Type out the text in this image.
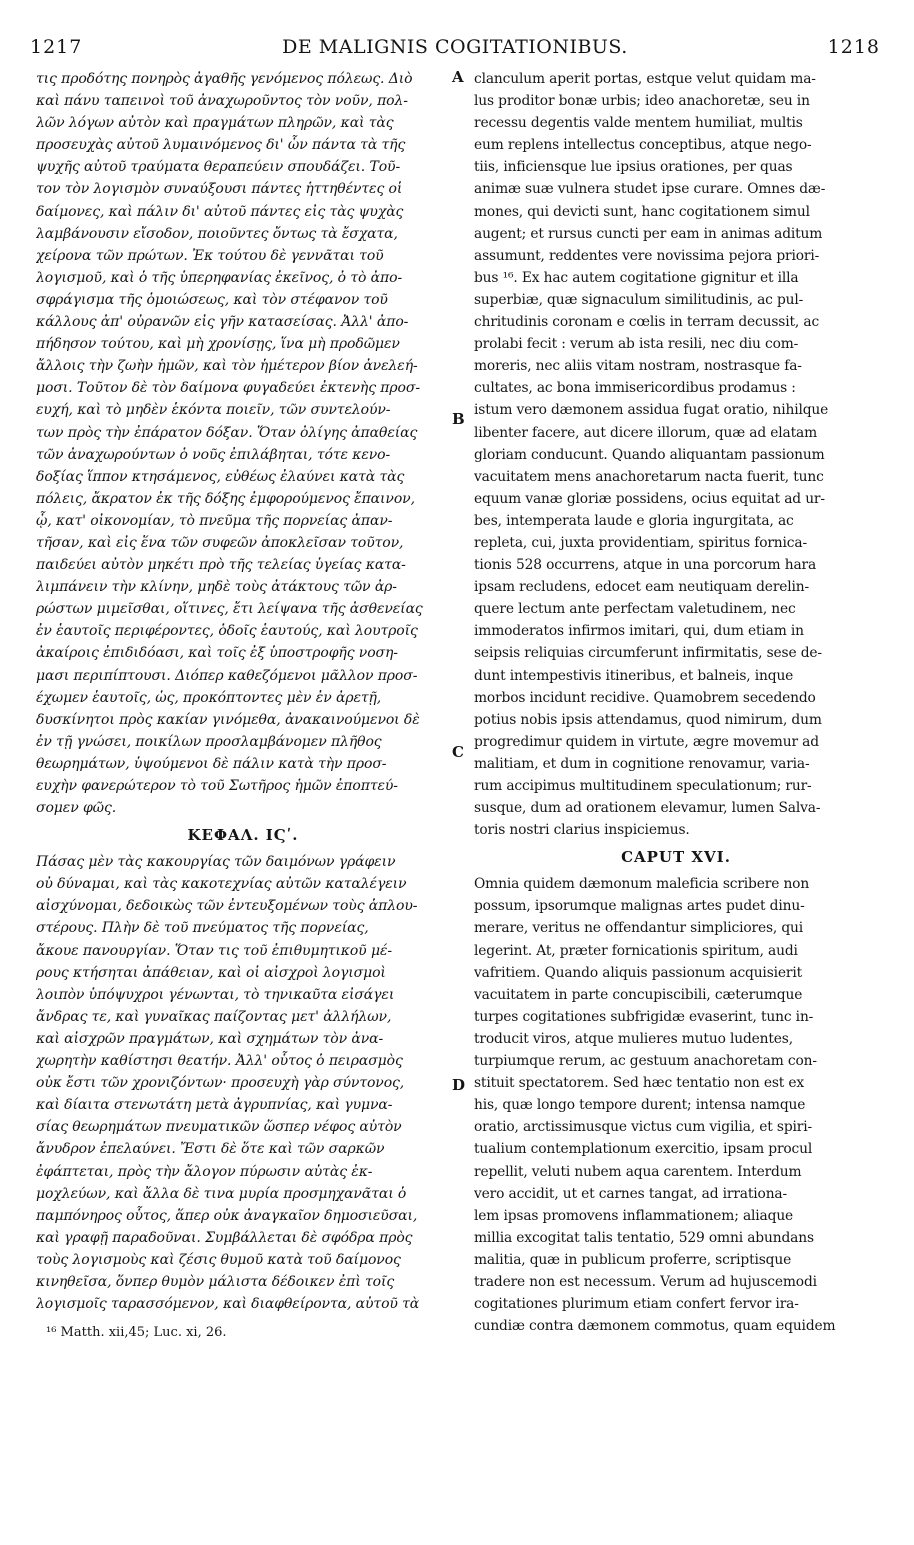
1217	DE MALIGNIS COGITATIONIBUS.	1218
A
B
C
D
τις προδότης πονηρὸς ἀγαθῆς γενόμενος πόλεως. Διὸ
καὶ πάνυ ταπεινοὶ τοῦ ἀναχωροῦντος τὸν νοῦν, πολ-
λῶν λόγων αὐτὸν καὶ πραγμάτων πληρῶν, καὶ τὰς
προσευχὰς αὐτοῦ λυμαινόμενος δι' ὧν πάντα τὰ τῆς
ψυχῆς αὐτοῦ τραύματα θεραπεύειν σπουδάζει. Τοῦ-
τον τὸν λογισμὸν συναύξουσι πάντες ἡττηθέντες οἱ
δαίμονες, καὶ πάλιν δι' αὐτοῦ πάντες εἰς τὰς ψυχὰς
λαμβάνουσιν εἴσοδον, ποιοῦντες ὄντως τὰ ἔσχατα,
χείρονα τῶν πρώτων. Ἐκ τούτου δὲ γεννᾶται τοῦ
λογισμοῦ, καὶ ὁ τῆς ὑπερηφανίας ἐκεῖνος, ὁ τὸ ἀπο-
σφράγισμα τῆς ὁμοιώσεως, καὶ τὸν στέφανον τοῦ
κάλλους ἀπ' οὐρανῶν εἰς γῆν κατασείσας. Ἀλλ' ἀπο-
πήδησον τούτου, καὶ μὴ χρονίσῃς, ἵνα μὴ προδῶμεν
ἄλλοις τὴν ζωὴν ἡμῶν, καὶ τὸν ἡμέτερον βίον ἀνελεή-
μοσι. Τοῦτον δὲ τὸν δαίμονα φυγαδεύει ἐκτενὴς προσ-
ευχή, καὶ τὸ μηδὲν ἑκόντα ποιεῖν, τῶν συντελούν-
των πρὸς τὴν ἐπάρατον δόξαν. Ὅταν ὀλίγης ἀπαθείας
τῶν ἀναχωρούντων ὁ νοῦς ἐπιλάβηται, τότε κενο-
δοξίας ἵππον κτησάμενος, εὐθέως ἐλαύνει κατὰ τὰς
πόλεις, ἄκρατον ἐκ τῆς δόξης ἐμφορούμενος ἔπαινον,
ᾧ, κατ' οἰκονομίαν, τὸ πνεῦμα τῆς πορνείας ἀπαν-
τῆσαν, καὶ εἰς ἕνα τῶν συφεῶν ἀποκλεῖσαν τοῦτον,
παιδεύει αὐτὸν μηκέτι πρὸ τῆς τελείας ὑγείας κατα-
λιμπάνειν τὴν κλίνην, μηδὲ τοὺς ἀτάκτους τῶν ἀρ-
ρώστων μιμεῖσθαι, οἵτινες, ἔτι λείψανα τῆς ἀσθενείας
ἐν ἑαυτοῖς περιφέροντες, ὁδοῖς ἑαυτούς, καὶ λουτροῖς
ἀκαίροις ἐπιδιδόασι, καὶ τοῖς ἐξ ὑποστροφῆς νοση-
μασι περιπίπτουσι. Διόπερ καθεζόμενοι μᾶλλον προσ-
έχωμεν ἑαυτοῖς, ὡς, προκόπτοντες μὲν ἐν ἀρετῇ,
δυσκίνητοι πρὸς κακίαν γινόμεθα, ἀνακαινούμενοι δὲ
ἐν τῇ γνώσει, ποικίλων προσλαμβάνομεν πλῆθος
θεωρημάτων, ὑψούμενοι δὲ πάλιν κατὰ τὴν προσ-
ευχὴν φανερώτερον τὸ τοῦ Σωτῆρος ἡμῶν ἐποπτεύ-
σομεν φῶς.
ΚΕΦΑΛ. ΙϚʹ.
Πάσας μὲν τὰς κακουργίας τῶν δαιμόνων γράφειν
οὐ δύναμαι, καὶ τὰς κακοτεχνίας αὐτῶν καταλέγειν
αἰσχύνομαι, δεδοικὼς τῶν ἐντευξομένων τοὺς ἁπλου-
στέρους. Πλὴν δὲ τοῦ πνεύματος τῆς πορνείας,
ἄκουε πανουργίαν. Ὅταν τις τοῦ ἐπιθυμητικοῦ μέ-
ρους κτήσηται ἀπάθειαν, καὶ οἱ αἰσχροὶ λογισμοὶ
λοιπὸν ὑπόψυχροι γένωνται, τὸ τηνικαῦτα εἰσάγει
ἄνδρας τε, καὶ γυναῖκας παίζοντας μετ' ἀλλήλων,
καὶ αἰσχρῶν πραγμάτων, καὶ σχημάτων τὸν ἀνα-
χωρητὴν καθίστησι θεατήν. Ἀλλ' οὗτος ὁ πειρασμὸς
οὐκ ἔστι τῶν χρονιζόντων· προσευχὴ γὰρ σύντονος,
καὶ δίαιτα στενωτάτη μετὰ ἀγρυπνίας, καὶ γυμνα-
σίας θεωρημάτων πνευματικῶν ὥσπερ νέφος αὐτὸν
ἄνυδρον ἐπελαύνει. Ἔστι δὲ ὅτε καὶ τῶν σαρκῶν
ἐφάπτεται, πρὸς τὴν ἄλογον πύρωσιν αὐτὰς ἐκ-
μοχλεύων, καὶ ἄλλα δὲ τινα μυρία προσμηχανᾶται ὁ
παμπόνηρος οὗτος, ἅπερ οὐκ ἀναγκαῖον δημοσιεῦσαι,
καὶ γραφῇ παραδοῦναι. Συμβάλλεται δὲ σφόδρα πρὸς
τοὺς λογισμοὺς καὶ ζέσις θυμοῦ κατὰ τοῦ δαίμονος
κινηθεῖσα, ὅνπερ θυμὸν μάλιστα δέδοικεν ἐπὶ τοῖς
λογισμοῖς ταρασσόμενον, καὶ διαφθείροντα, αὐτοῦ τὰ
¹⁶ Matth. xii,45; Luc. xi, 26.
clanculum aperit portas, estque velut quidam ma-
lus proditor bonæ urbis; ideo anachoretæ, seu in
recessu degentis valde mentem humiliat, multis
eum replens intellectus conceptibus, atque nego-
tiis, inficiensque lue ipsius orationes, per quas
animæ suæ vulnera studet ipse curare. Omnes dæ-
mones, qui devicti sunt, hanc cogitationem simul
augent; et rursus cuncti per eam in animas aditum
assumunt, reddentes vere novissima pejora priori-
bus ¹⁶. Ex hac autem cogitatione gignitur et illa
superbiæ, quæ signaculum similitudinis, ac pul-
chritudinis coronam e cœlis in terram decussit, ac
prolabi fecit : verum ab ista resili, nec diu com-
moreris, nec aliis vitam nostram, nostrasque fa-
cultates, ac bona immisericordibus prodamus :
istum vero dæmonem assidua fugat oratio, nihilque
libenter facere, aut dicere illorum, quæ ad elatam
gloriam conducunt. Quando aliquantam passionum
vacuitatem mens anachoretarum nacta fuerit, tunc
equum vanæ gloriæ possidens, ocius equitat ad ur-
bes, intemperata laude e gloria ingurgitata, ac
repleta, cui, juxta providentiam, spiritus fornica-
tionis 528 occurrens, atque in una porcorum hara
ipsam recludens, edocet eam neutiquam derelin-
quere lectum ante perfectam valetudinem, nec
immoderatos infirmos imitari, qui, dum etiam in
seipsis reliquias circumferunt infirmitatis, sese de-
dunt intempestivis itineribus, et balneis, inque
morbos incidunt recidive. Quamobrem secedendo
potius nobis ipsis attendamus, quod nimirum, dum
progredimur quidem in virtute, ægre movemur ad
malitiam, et dum in cognitione renovamur, varia-
rum accipimus multitudinem speculationum; rur-
susque, dum ad orationem elevamur, lumen Salva-
toris nostri clarius inspiciemus.
CAPUT XVI.
Omnia quidem dæmonum maleficia scribere non
possum, ipsorumque malignas artes pudet dinu-
merare, veritus ne offendantur simpliciores, qui
legerint. At, præter fornicationis spiritum, audi
vafritiem. Quando aliquis passionum acquisierit
vacuitatem in parte concupiscibili, cæterumque
turpes cogitationes subfrigidæ evaserint, tunc in-
troducit viros, atque mulieres mutuo ludentes,
turpiumque rerum, ac gestuum anachoretam con-
stituit spectatorem. Sed hæc tentatio non est ex
his, quæ longo tempore durent; intensa namque
oratio, arctissimusque victus cum vigilia, et spiri-
tualium contemplationum exercitio, ipsam procul
repellit, veluti nubem aqua carentem. Interdum
vero accidit, ut et carnes tangat, ad irrationa-
lem ipsas promovens inflammationem; aliaque
millia excogitat talis tentatio, 529 omni abundans
malitia, quæ in publicum proferre, scriptisque
tradere non est necessum. Verum ad hujuscemodi
cogitationes plurimum etiam confert fervor ira-
cundiæ contra dæmonem commotus, quam equidem
